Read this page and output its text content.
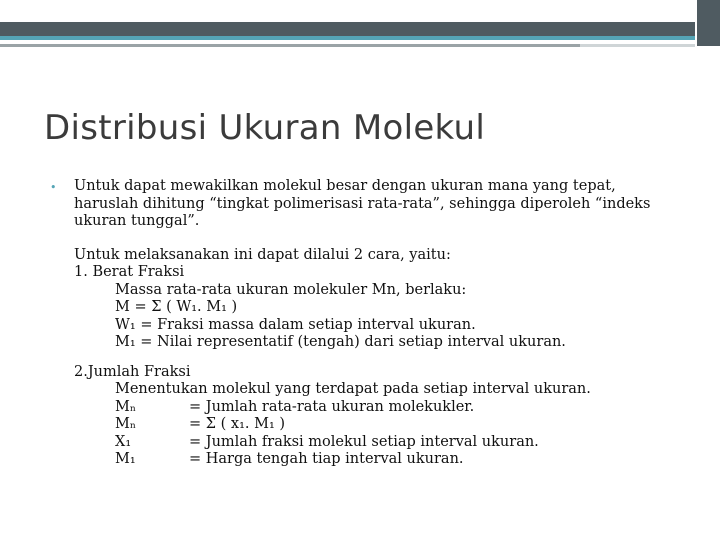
Distribusi Ukuran Molekul
• Untuk dapat mewakilkan molekul besar dengan ukuran mana yang tepat, haruslah dihitung “tingkat polimerisasi rata-rata”, sehingga diperoleh “indeks ukuran tunggal”.
Untuk melaksanakan ini dapat dilalui 2 cara, yaitu:
1. Berat Fraksi
Massa rata-rata ukuran molekuler Mn, berlaku:
M = Σ ( W₁. M₁ )
W₁ = Fraksi massa dalam setiap interval ukuran.
M₁ = Nilai representatif (tengah) dari setiap interval ukuran.
2.Jumlah Fraksi
Menentukan molekul yang terdapat pada setiap interval ukuran.
Mₙ	= Jumlah rata-rata ukuran molekukler.
Mₙ	= Σ ( x₁. M₁ )
X₁	= Jumlah fraksi molekul setiap interval ukuran.
M₁	= Harga tengah tiap interval ukuran.
